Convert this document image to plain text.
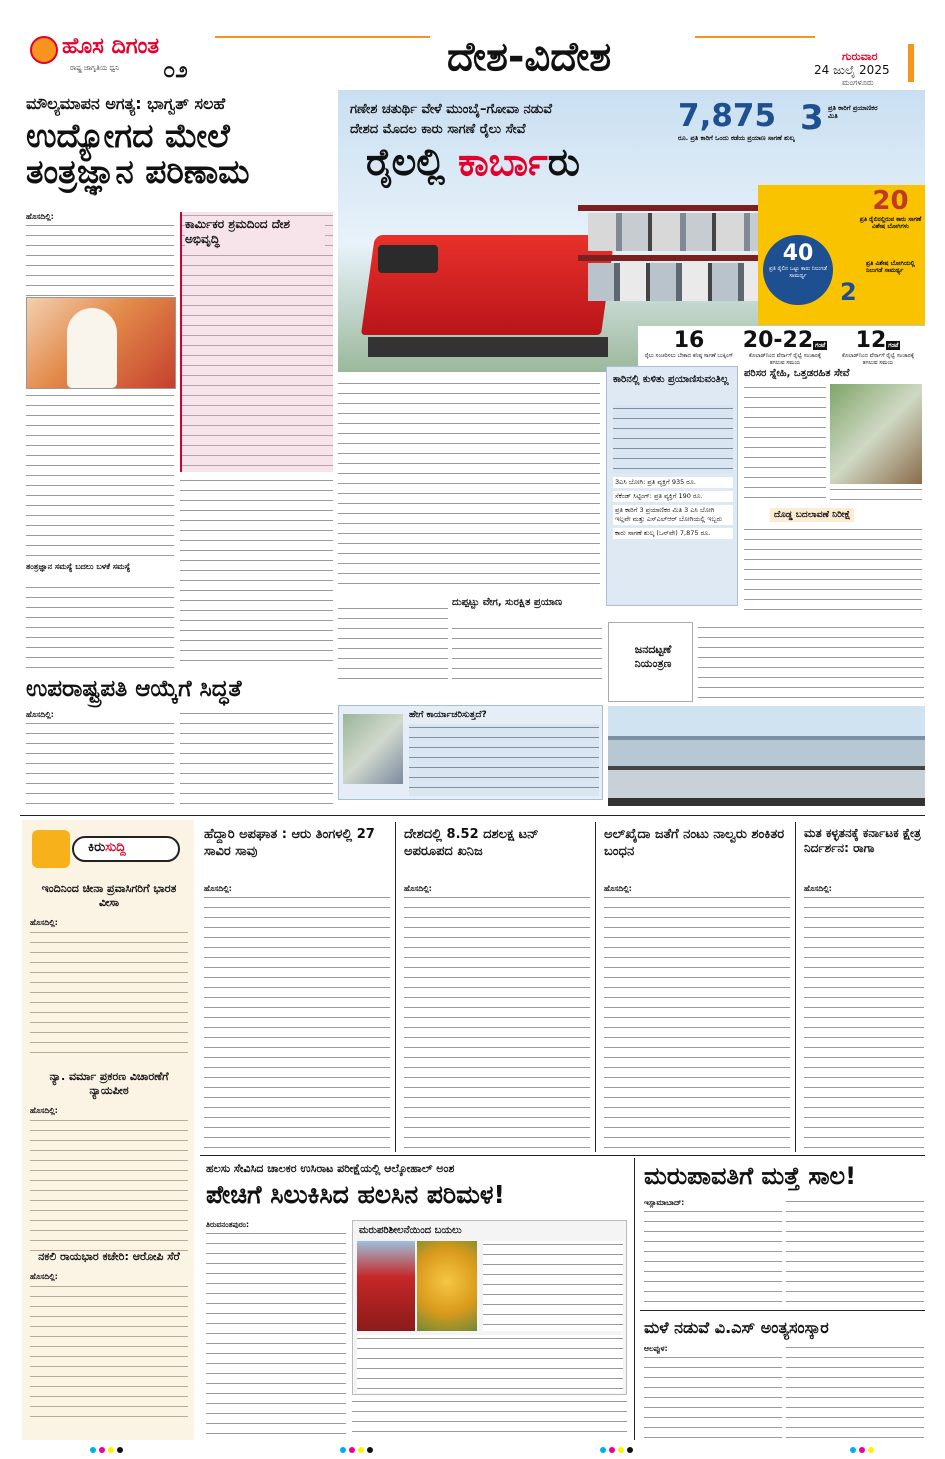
ಹೊಸ ದಿಗಂತ
ರಾಷ್ಟ್ರ ಜಾಗೃತಿಯ ಧ್ವನಿ ೦೨	ದೇಶ-ವಿದೇಶ	ಗುರುವಾರ
24 ಜುಲೈ 2025
ಮಂಗಳೂರು
ಮೌಲ್ಯಮಾಪನ ಅಗತ್ಯ: ಭಾಗ್ವತ್ ಸಲಹೆ
ಉದ್ಯೋಗದ ಮೇಲೆ ತಂತ್ರಜ್ಞಾನ ಪರಿಣಾಮ
ಹೊಸದಿಲ್ಲಿ:
ತಂತ್ರಜ್ಞಾನ ಸಮಸ್ಯೆ ಬದಲು ಬಳಕೆ ಸಮಸ್ಯೆ
ಕಾರ್ಮಿಕರ ಶ್ರಮದಿಂದ ದೇಶ ಅಭಿವೃದ್ಧಿ
ಗಣೇಶ ಚತುರ್ಥಿ ವೇಳೆ ಮುಂಬೈ–ಗೋವಾ ನಡುವೆ
ದೇಶದ ಮೊದಲ ಕಾರು ಸಾಗಣೆ ರೈಲು ಸೇವೆ
ರೈಲಲ್ಲಿ ಕಾರ್ಬಾರು
7,875
ರೂ. ಪ್ರತಿ ಕಾರಿಗೆ ಒಂದು ಕಡೆಯ ಪ್ರಯಾಣ ಸಾಗಣೆ ಶುಲ್ಕ 3 ಪ್ರತಿ ಕಾರಿಗೆ ಪ್ರಯಾಣಿಕರ ಮಿತಿ
20
ಪ್ರತಿ ರೈಲಿನಲ್ಲಿರುವ ಕಾರು ಸಾಗಣೆ ವಿಶೇಷ ಬೋಗಿಗಳು
40
ಪ್ರತಿ ರೈಲಿನ ಒಟ್ಟು ಕಾರು ನಿಲುಗಡೆ ಸಾಮರ್ಥ್ಯ
ಪ್ರತಿ ವಿಶೇಷ ಬೋಗಿಯಲ್ಲಿ ನಿಲುಗಡೆ ಸಾಮರ್ಥ್ಯ
2
16
ರೈಲು ಸಂಚರಿಸಲು ಬೇಕಾದ ಕನಿಷ್ಠ ಸಾಗಣೆ ಬುಕ್ಕಿಂಗ್
20-22 ಗಂಟೆ
ಕೊಲಾಡ್‌ನಿಂದ ವೆರ್ನಾಗೆ ರೈಲ್ವೆ ಸಂಚಾರಕ್ಕೆ ತಗಲುವ ಸಮಯ
12 ಗಂಟೆ
ಕೊಲಾಡ್‌ನಿಂದ ವೆರ್ನಾಗೆ ರೈಲ್ವೆ ಸಂಚಾರಕ್ಕೆ ತಗಲುವ ಸಮಯ
ಕಾರಿನಲ್ಲಿ ಕುಳಿತು ಪ್ರಯಾಣಿಸುವಂತಿಲ್ಲ
3ಎಸಿ ಬೋಗಿ: ಪ್ರತಿ ವ್ಯಕ್ತಿಗೆ 935 ರೂ.
ಸೆಕೆಂಡ್ ಸಿಟ್ಟಿಂಗ್: ಪ್ರತಿ ವ್ಯಕ್ತಿಗೆ 190 ರೂ.
ಪ್ರತಿ ಕಾರಿಗೆ 3 ಪ್ರಯಾಣಿಕರ ಮಿತಿ 3 ಎಸಿ ಬೋಗಿ ಇಲ್ಲವೇ ಮತ್ತು ಎಸ್ಎಲ್ಆರ್ ಬೋಗಿಯಲ್ಲಿ ಇಬ್ಬರು
ಕಾರು ಸಾಗಣೆ ಶುಲ್ಕ (ಒನ್‌ವೇ) 7,875 ರೂ.
ಪರಿಸರ ಸ್ನೇಹಿ, ಒತ್ತಡರಹಿತ ಸೇವೆ
ದೊಡ್ಡ ಬದಲಾವಣೆ ನಿರೀಕ್ಷೆ
ದುಪ್ಪಟ್ಟು ವೇಗ, ಸುರಕ್ಷಿತ ಪ್ರಯಾಣ
ಹೇಗೆ ಕಾರ್ಯಾಚರಿಸುತ್ತದೆ?
ಜನದಟ್ಟಣೆ ನಿಯಂತ್ರಣ
ಉಪರಾಷ್ಟ್ರಪತಿ ಆಯ್ಕೆಗೆ ಸಿದ್ಧತೆ
ಹೊಸದಿಲ್ಲಿ:
ಕಿರುಸುದ್ದಿ
ಇಂದಿನಿಂದ ಚೀನಾ ಪ್ರವಾಸಿಗರಿಗೆ ಭಾರತ ವೀಸಾ
ಹೊಸದಿಲ್ಲಿ:
ನ್ಯಾ. ವರ್ಮಾ ಪ್ರಕರಣ ವಿಚಾರಣೆಗೆ ನ್ಯಾಯಪೀಠ
ಹೊಸದಿಲ್ಲಿ:
ನಕಲಿ ರಾಯಭಾರ ಕಚೇರಿ: ಆರೋಪಿ ಸೆರೆ
ಹೊಸದಿಲ್ಲಿ:
ಹೆದ್ದಾರಿ ಅಪಘಾತ : ಆರು ತಿಂಗಳಲ್ಲಿ 27 ಸಾವಿರ ಸಾವು
ಹೊಸದಿಲ್ಲಿ:
ದೇಶದಲ್ಲಿ 8.52 ದಶಲಕ್ಷ ಟನ್ ಅಪರೂಪದ ಖನಿಜ
ಹೊಸದಿಲ್ಲಿ:
ಅಲ್‌ಖೈದಾ ಜತೆಗೆ ನಂಟು ನಾಲ್ವರು ಶಂಕಿತರ ಬಂಧನ
ಹೊಸದಿಲ್ಲಿ:
ಮತ ಕಳ್ಳತನಕ್ಕೆ ಕರ್ನಾಟಕ ಕ್ಷೇತ್ರ ನಿರ್ದರ್ಶನ: ರಾಗಾ
ಹೊಸದಿಲ್ಲಿ:
ಹಲಸು ಸೇವಿಸಿದ ಚಾಲಕರ ಉಸಿರಾಟ ಪರೀಕ್ಷೆಯಲ್ಲಿ ಆಲ್ಕೋಹಾಲ್ ಅಂಶ
ಪೇಚಿಗೆ ಸಿಲುಕಿಸಿದ ಹಲಸಿನ ಪರಿಮಳ!
ತಿರುವನಂತಪುರಂ:
ಮರುಪರಿಶೀಲನೆಯಿಂದ ಬಯಲು
ಮರುಪಾವತಿಗೆ ಮತ್ತೆ ಸಾಲ!
ಇಸ್ಲಾಮಾಬಾದ್:
ಮಳೆ ನಡುವೆ ವಿ.ಎಸ್ ಅಂತ್ಯಸಂಸ್ಕಾರ
ಆಲಪ್ಪುಳ:
